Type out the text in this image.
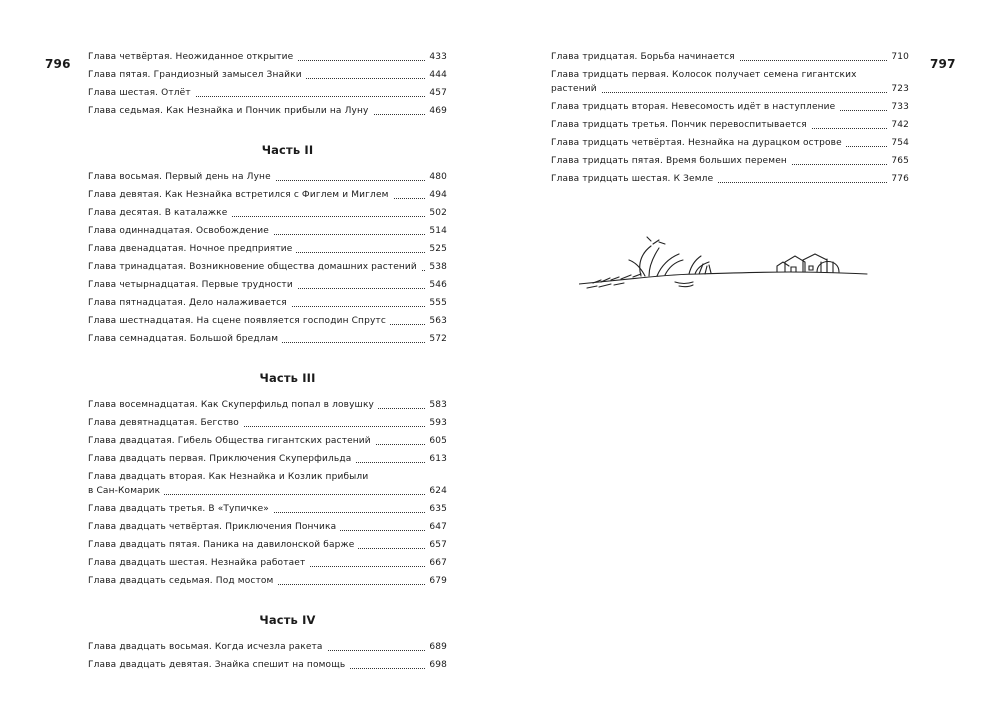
796	797
Глава четвёртая. Неожиданное открытие	433
Глава пятая. Грандиозный замысел Знайки	444
Глава шестая. Отлёт	457
Глава седьмая. Как Незнайка и Пончик прибыли на Луну	469
Часть II
Глава восьмая. Первый день на Луне	480
Глава девятая. Как Незнайка встретился с Фиглем и Миглем	494
Глава десятая. В каталажке	502
Глава одиннадцатая. Освобождение	514
Глава двенадцатая. Ночное предприятие	525
Глава тринадцатая. Возникновение общества домашних растений	538
Глава четырнадцатая. Первые трудности	546
Глава пятнадцатая. Дело налаживается	555
Глава шестнадцатая. На сцене появляется господин Спрутс	563
Глава семнадцатая. Большой бредлам	572
Часть III
Глава восемнадцатая. Как Скуперфильд попал в ловушку	583
Глава девятнадцатая. Бегство	593
Глава двадцатая. Гибель Общества гигантских растений	605
Глава двадцать первая. Приключения Скуперфильда	613
Глава двадцать вторая. Как Незнайка и Козлик прибыли
в Сан-Комарик	624
Глава двадцать третья. В «Тупичке»	635
Глава двадцать четвёртая. Приключения Пончика	647
Глава двадцать пятая. Паника на давилонской барже	657
Глава двадцать шестая. Незнайка работает	667
Глава двадцать седьмая. Под мостом	679
Часть IV
Глава двадцать восьмая. Когда исчезла ракета	689
Глава двадцать девятая. Знайка спешит на помощь	698
Глава тридцатая. Борьба начинается	710
Глава тридцать первая. Колосок получает семена гигантских
растений	723
Глава тридцать вторая. Невесомость идёт в наступление	733
Глава тридцать третья. Пончик перевоспитывается	742
Глава тридцать четвёртая. Незнайка на дурацком острове	754
Глава тридцать пятая. Время больших перемен	765
Глава тридцать шестая. К Земле	776
